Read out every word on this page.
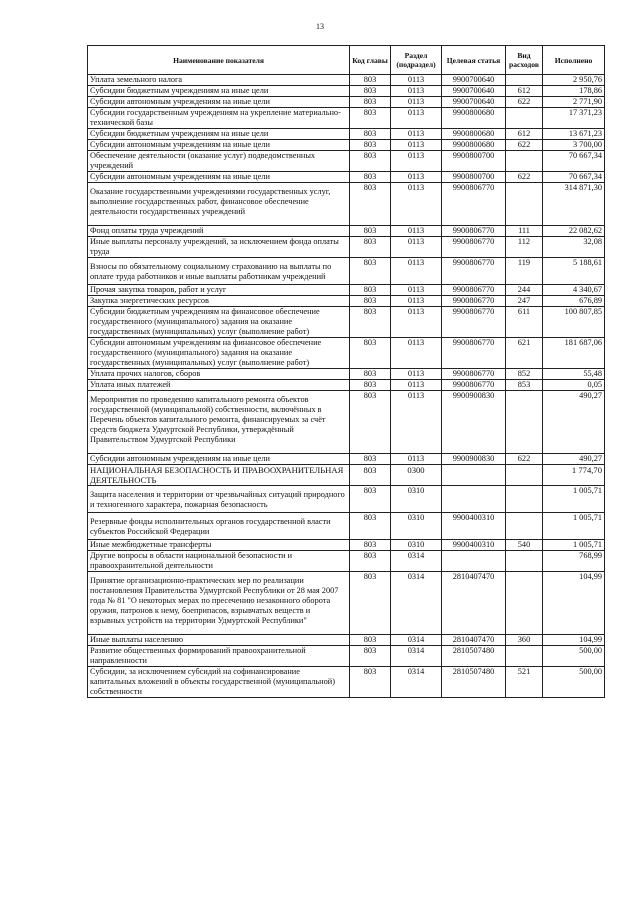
13
Наименование показателя	Код главы	Раздел (подраздел)	Целевая статья	Вид расходов	Исполнено
Уплата земельного налога	803	0113	9900700640		2 950,76
Субсидии бюджетным учреждениям на иные цели	803	0113	9900700640	612	178,86
Субсидии автономным учреждениям на иные цели	803	0113	9900700640	622	2 771,90
Субсидии государственным учреждениям на укрепление материально-технической базы	803	0113	9900800680		17 371,23
Субсидии бюджетным учреждениям на иные цели	803	0113	9900800680	612	13 671,23
Субсидии автономным учреждениям на иные цели	803	0113	9900800680	622	3 700,00
Обеспечение деятельности (оказание услуг) подведомственных учреждений	803	0113	9900800700		70 667,34
Субсидии автономным учреждениям на иные цели	803	0113	9900800700	622	70 667,34
Оказание государственными учреждениями государственных услуг, выполнение государственных работ, финансовое обеспечение деятельности государственных учреждений	803	0113	9900806770		314 871,30
Фонд оплаты труда учреждений	803	0113	9900806770	111	22 082,62
Иные выплаты персоналу учреждений, за исключением фонда оплаты труда	803	0113	9900806770	112	32,08
Взносы по обязательному социальному страхованию на выплаты по оплате труда работников и иные выплаты работникам учреждений	803	0113	9900806770	119	5 188,61
Прочая закупка товаров, работ и услуг	803	0113	9900806770	244	4 340,67
Закупка энергетических ресурсов	803	0113	9900806770	247	676,89
Субсидии бюджетным учреждениям на финансовое обеспечение государственного (муниципального) задания на оказание государственных (муниципальных) услуг (выполнение работ)	803	0113	9900806770	611	100 807,85
Субсидии автономным учреждениям на финансовое обеспечение государственного (муниципального) задания на оказание государственных (муниципальных) услуг (выполнение работ)	803	0113	9900806770	621	181 687,06
Уплата прочих налогов, сборов	803	0113	9900806770	852	55,48
Уплата иных платежей	803	0113	9900806770	853	0,05
Мероприятия по проведению капитального ремонта объектов государственной (муниципальной) собственности, включённых в Перечень объектов капитального ремонта, финансируемых за счёт средств бюджета Удмуртской Республики, утверждённый Правительством Удмуртской Республики	803	0113	9900900830		490,27
Субсидии автономным учреждениям на иные цели	803	0113	9900900830	622	490,27
НАЦИОНАЛЬНАЯ БЕЗОПАСНОСТЬ И ПРАВООХРАНИТЕЛЬНАЯ ДЕЯТЕЛЬНОСТЬ	803	0300			1 774,70
Защита населения и территории от чрезвычайных ситуаций природного и техногенного характера, пожарная безопасность	803	0310			1 005,71
Резервные фонды исполнительных органов государственной власти субъектов Российской Федерации	803	0310	9900400310		1 005,71
Иные межбюджетные трансферты	803	0310	9900400310	540	1 005,71
Другие вопросы в области национальной безопасности и правоохранительной деятельности	803	0314			768,99
Принятие организационно-практических мер по реализации постановления Правительства Удмуртской Республики от 28 мая 2007 года № 81 "О некоторых мерах по пресечению незаконного оборота оружия, патронов к нему, боеприпасов, взрывчатых веществ и взрывных устройств на территории Удмуртской Республики"	803	0314	2810407470		104,99
Иные выплаты населению	803	0314	2810407470	360	104,99
Развитие общественных формирований правоохранительной направленности	803	0314	2810507480		500,00
Субсидии, за исключением субсидий на софинансирование капитальных вложений в объекты государственной (муниципальной) собственности	803	0314	2810507480	521	500,00
